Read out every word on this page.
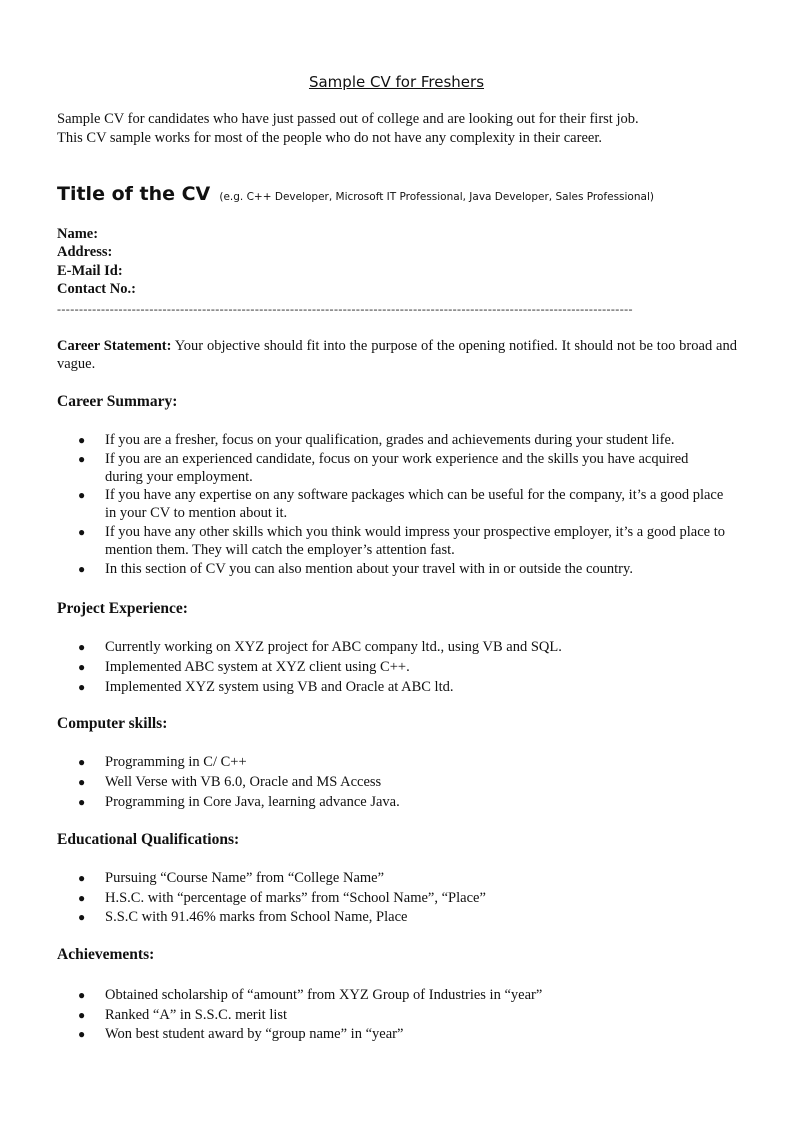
Sample CV for Freshers

Sample CV for candidates who have just passed out of college and are looking out for their first job.

This CV sample works for most of the people who do not have any complexity in their career.

Title of the CV (e.g. C++ Developer, Microsoft IT Professional, Java Developer, Sales Professional)
Name:
Address:
E-Mail Id:
Contact No.:
-----------------------------------------------------------------------------------------------------------------------------------
Career Statement: Your objective should fit into the purpose of the opening notified. It should not be too broad and vague.
Career Summary:
● If you are a fresher, focus on your qualification, grades and achievements during your student life.
● If you are an experienced candidate, focus on your work experience and the skills you have acquired during your employment.
● If you have any expertise on any software packages which can be useful for the company, it’s a good place in your CV to mention about it.
● If you have any other skills which you think would impress your prospective employer, it’s a good place to mention them. They will catch the employer’s attention fast.
● In this section of CV you can also mention about your travel with in or outside the country.
Project Experience:
● Currently working on XYZ project for ABC company ltd., using VB and SQL.
● Implemented ABC system at XYZ client using C++.
● Implemented XYZ system using VB and Oracle at ABC ltd.
Computer skills:
● Programming in C/ C++
● Well Verse with VB 6.0, Oracle and MS Access
● Programming in Core Java, learning advance Java.
Educational Qualifications:
● Pursuing “Course Name” from “College Name”
● H.S.C. with “percentage of marks” from “School Name”, “Place”
● S.S.C with 91.46% marks from School Name, Place
Achievements:
● Obtained scholarship of “amount” from XYZ Group of Industries in “year”
● Ranked “A” in S.S.C. merit list
● Won best student award by “group name” in “year”
